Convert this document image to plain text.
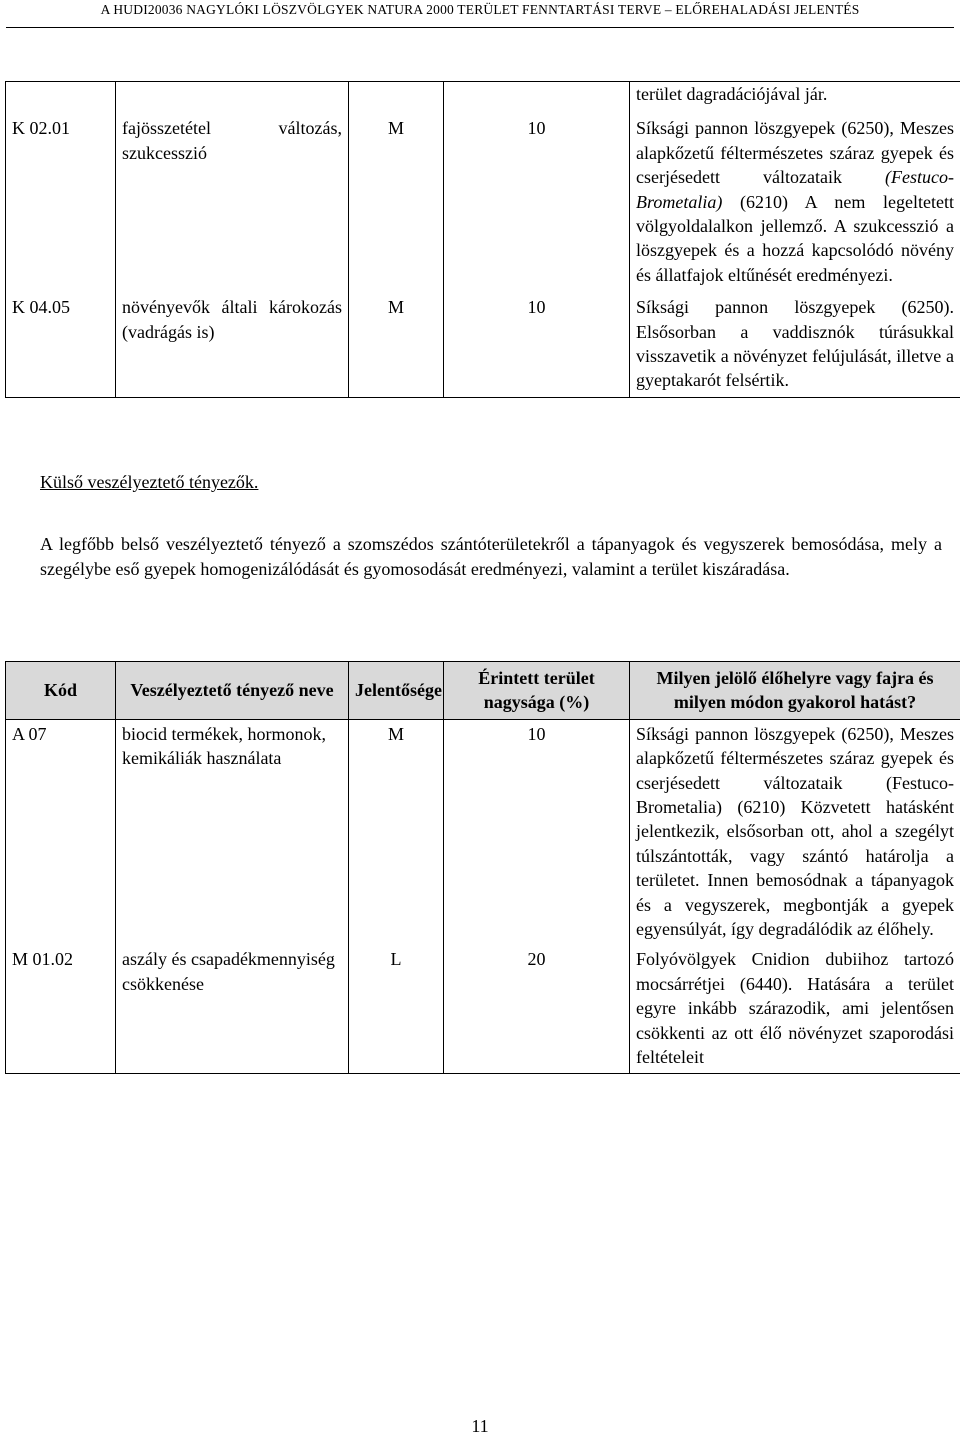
A HUDI20036 NAGYLÓKI LÖSZVÖLGYEK NATURA 2000 TERÜLET FENNTARTÁSI TERVE – ELŐREHALADÁSI JELENTÉS
				terület dagradációjával jár.
K 02.01	fajösszetétel változás, szukcesszió	M	10	Síksági pannon löszgyepek (6250), Meszes alapkőzetű féltermészetes száraz gyepek és cserjésedett változataik (Festuco-Brometalia) (6210) A nem legeltetett völgyoldalalkon jellemző. A szukcesszió a löszgyepek és a hozzá kapcsolódó növény és állatfajok eltűnését eredményezi.
K 04.05	növényevők általi károkozás (vadrágás is)	M	10	Síksági pannon löszgyepek (6250). Elsősorban a vaddisznók túrásukkal visszavetik a növényzet felújulását, illetve a gyeptakarót felsértik.
Külső veszélyeztető tényezők.
A legfőbb belső veszélyeztető tényező a szomszédos szántóterületekről a tápanyagok és vegyszerek bemosódása, mely a szegélybe eső gyepek homogenizálódását és gyomosodását eredményezi, valamint a terület kiszáradása.
Kód	Veszélyeztető tényező neve	Jelentősége	Érintett terület nagysága (%)	Milyen jelölő élőhelyre vagy fajra és milyen módon gyakorol hatást?
A 07	biocid termékek, hormonok, kemikáliák használata	M	10	Síksági pannon löszgyepek (6250), Meszes alapkőzetű féltermészetes száraz gyepek és cserjésedett változataik (Festuco-Brometalia) (6210) Közvetett hatásként jelentkezik, elsősorban ott, ahol a szegélyt túlszántották, vagy szántó határolja a területet. Innen bemosódnak a tápanyagok és a vegyszerek, megbontják a gyepek egyensúlyát, így degradálódik az élőhely.
M 01.02	aszály és csapadékmennyiség csökkenése	L	20	Folyóvölgyek Cnidion dubiihoz tartozó mocsárrétjei (6440). Hatására a terület egyre inkább szárazodik, ami jelentősen csökkenti az ott élő növényzet szaporodási feltételeit
11
